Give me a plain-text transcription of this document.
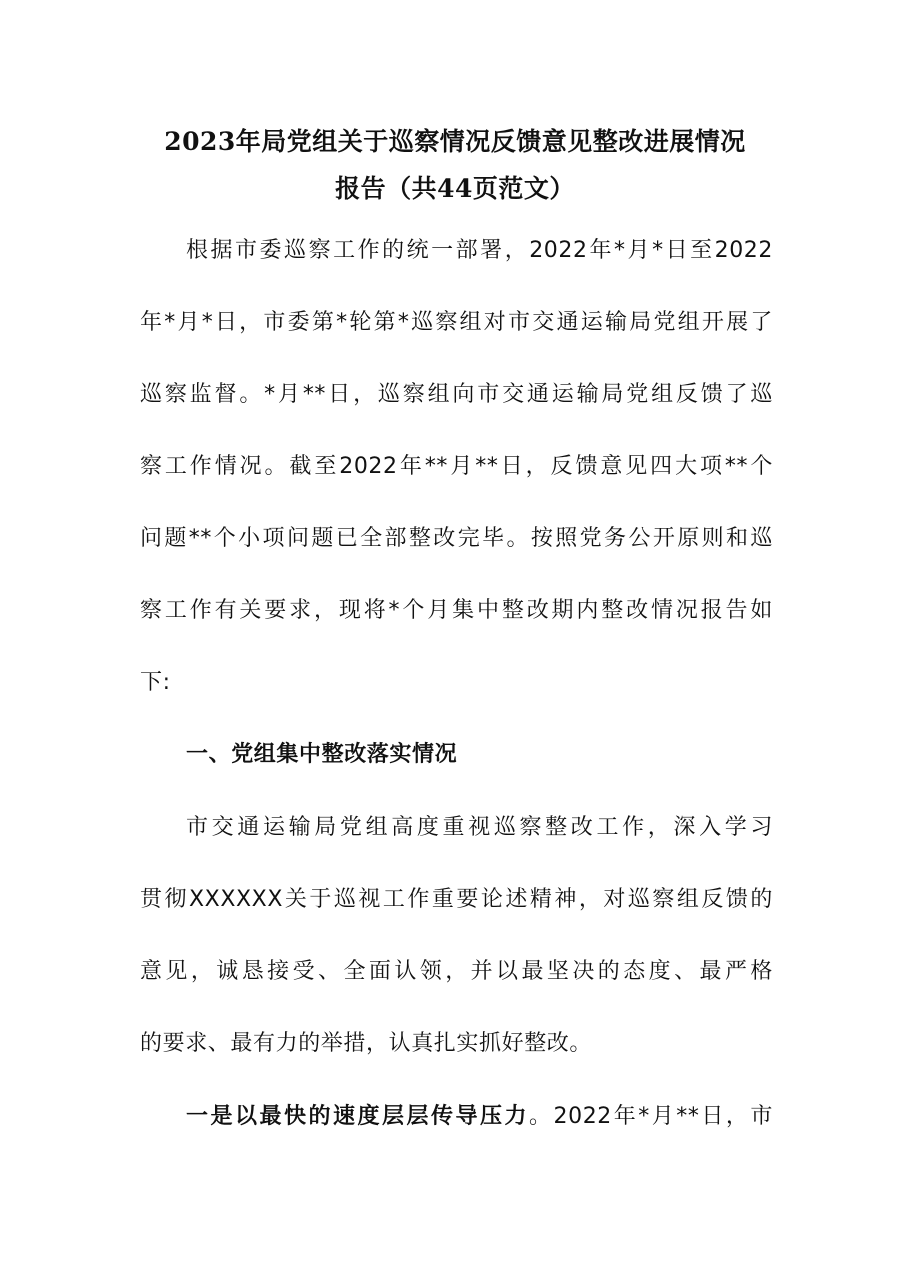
2023年局党组关于巡察情况反馈意见整改进展情况
报告（共44页范文）
根据市委巡察工作的统一部署，2022年*月*日至2022
年*月*日，市委第*轮第*巡察组对市交通运输局党组开展了
巡察监督。*月**日，巡察组向市交通运输局党组反馈了巡
察工作情况。截至2022年**月**日，反馈意见四大项**个
问题**个小项问题已全部整改完毕。按照党务公开原则和巡
察工作有关要求，现将*个月集中整改期内整改情况报告如
下:
一、党组集中整改落实情况
市交通运输局党组高度重视巡察整改工作，深入学习
贯彻XXXXXX关于巡视工作重要论述精神，对巡察组反馈的
意见，诚恳接受、全面认领，并以最坚决的态度、最严格
的要求、最有力的举措，认真扎实抓好整改。
一是以最快的速度层层传导压力。2022年*月**日，市
